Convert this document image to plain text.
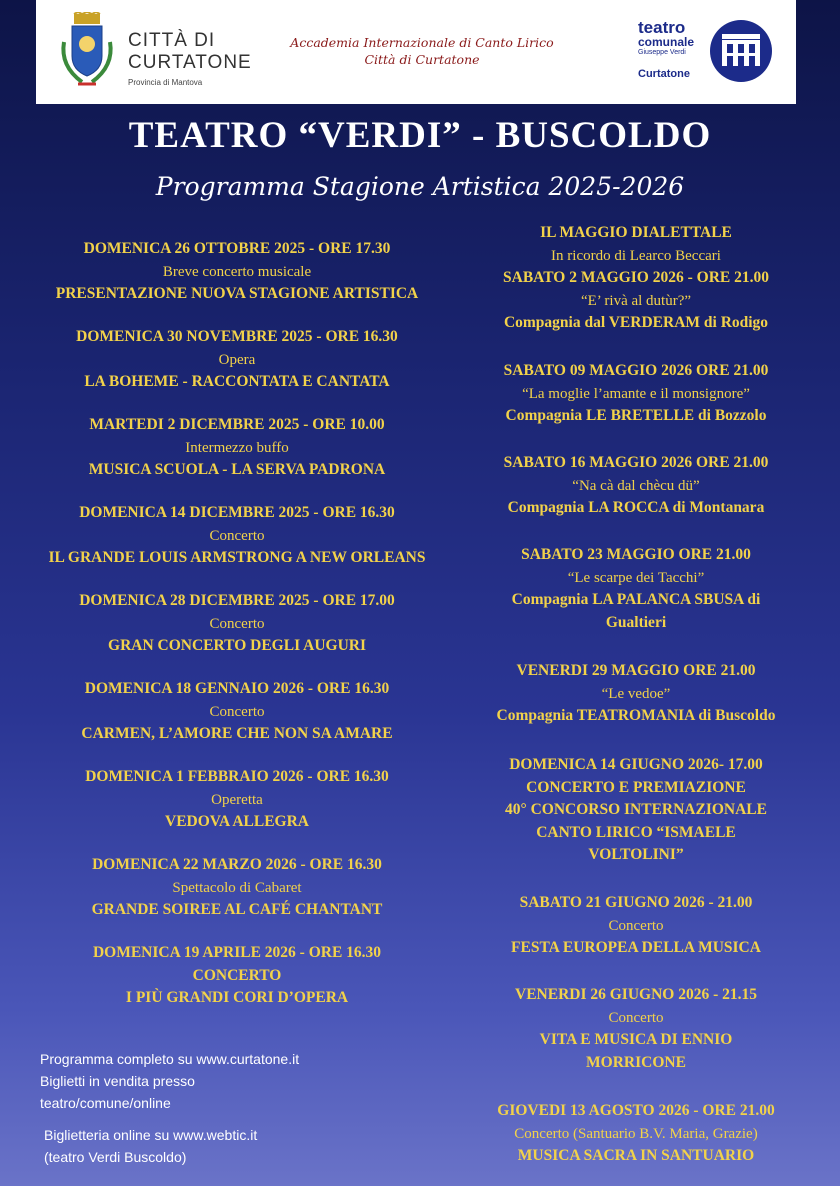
CITTÀ DI
CURTATONE
Provincia di Mantova
Accademia Internazionale di Canto Lirico
Città di Curtatone
teatro
comunale
Giuseppe Verdi
Curtatone
TEATRO “VERDI” - BUSCOLDO
Programma Stagione Artistica 2025-2026
DOMENICA 26 OTTOBRE 2025 - ORE 17.30
Breve concerto musicale
PRESENTAZIONE NUOVA STAGIONE ARTISTICA
DOMENICA 30 NOVEMBRE 2025 - ORE 16.30
Opera
LA BOHEME - RACCONTATA E CANTATA
MARTEDI 2 DICEMBRE 2025 - ORE 10.00
Intermezzo buffo
MUSICA SCUOLA - LA SERVA PADRONA
DOMENICA 14 DICEMBRE 2025 - ORE 16.30
Concerto
IL GRANDE LOUIS ARMSTRONG A NEW ORLEANS
DOMENICA 28 DICEMBRE 2025 - ORE 17.00
Concerto
GRAN CONCERTO DEGLI AUGURI
DOMENICA 18 GENNAIO 2026 - ORE 16.30
Concerto
CARMEN, L’AMORE CHE NON SA AMARE
DOMENICA 1 FEBBRAIO 2026 - ORE 16.30
Operetta
VEDOVA ALLEGRA
DOMENICA 22 MARZO 2026 - ORE 16.30
Spettacolo di Cabaret
GRANDE SOIREE AL CAFÉ CHANTANT
DOMENICA 19 APRILE 2026 - ORE 16.30
CONCERTO
I PIÙ GRANDI CORI D’OPERA
IL MAGGIO DIALETTALE
In ricordo di Learco Beccari
SABATO 2 MAGGIO 2026 - ORE 21.00
“E’ rivà al dutùr?”
Compagnia dal VERDERAM di Rodigo
SABATO 09 MAGGIO 2026 ORE 21.00
“La moglie l’amante e il monsignore”
Compagnia LE BRETELLE di Bozzolo
SABATO 16 MAGGIO 2026 ORE 21.00
“Na cà dal chècu dü”
Compagnia LA ROCCA di Montanara
SABATO 23 MAGGIO ORE 21.00
“Le scarpe dei Tacchi”
Compagnia LA PALANCA SBUSA di
Gualtieri
VENERDI 29 MAGGIO ORE 21.00
“Le vedoe”
Compagnia TEATROMANIA di Buscoldo
DOMENICA 14 GIUGNO 2026- 17.00
CONCERTO E PREMIAZIONE
40° CONCORSO INTERNAZIONALE
CANTO LIRICO “ISMAELE
VOLTOLINI”
SABATO 21 GIUGNO 2026 - 21.00
Concerto
FESTA EUROPEA DELLA MUSICA
VENERDI 26 GIUGNO 2026 - 21.15
Concerto
VITA E MUSICA DI ENNIO
MORRICONE
GIOVEDI 13 AGOSTO 2026 - ORE 21.00
Concerto (Santuario B.V. Maria, Grazie)
MUSICA SACRA IN SANTUARIO
Programma completo su www.curtatone.it
Biglietti in vendita presso
teatro/comune/online
Biglietteria online su www.webtic.it
(teatro Verdi Buscoldo)
